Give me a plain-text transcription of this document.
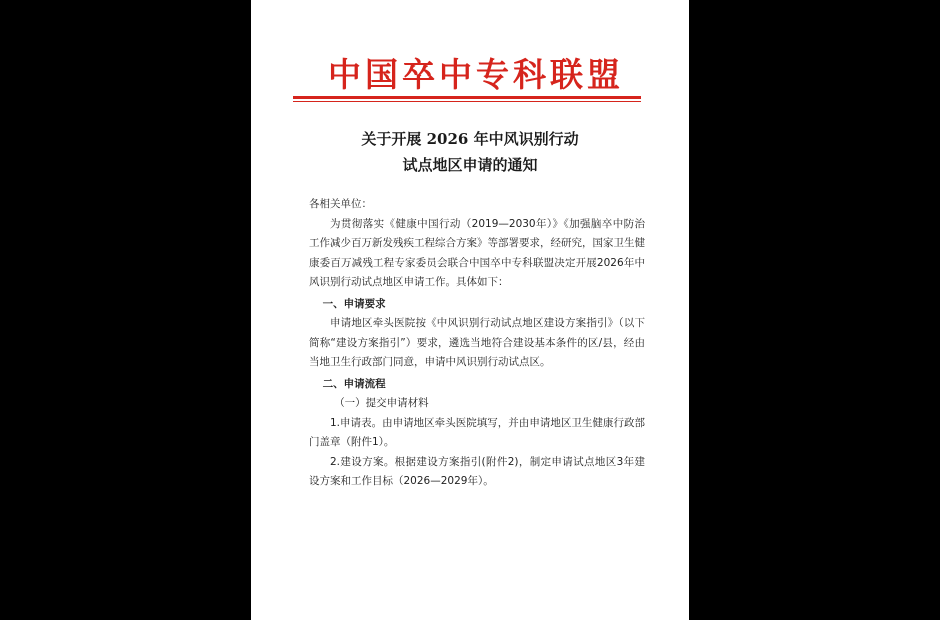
中国卒中专科联盟
关于开展 2026 年中风识别行动
试点地区申请的通知

各相关单位：

为贯彻落实《健康中国行动（2019—2030年）》《加强脑卒中防治工作减少百万新发残疾工程综合方案》等部署要求，经研究，国家卫生健康委百万减残工程专家委员会联合中国卒中专科联盟决定开展2026年中风识别行动试点地区申请工作。具体如下：

一、申请要求

申请地区牵头医院按《中风识别行动试点地区建设方案指引》（以下简称“建设方案指引”）要求，遴选当地符合建设基本条件的区/县，经由当地卫生行政部门同意，申请中风识别行动试点区。

二、申请流程

（一）提交申请材料

1.申请表。由申请地区牵头医院填写，并由申请地区卫生健康行政部门盖章（附件1）。

2.建设方案。根据建设方案指引(附件2)，制定申请试点地区3年建设方案和工作目标（2026—2029年）。
